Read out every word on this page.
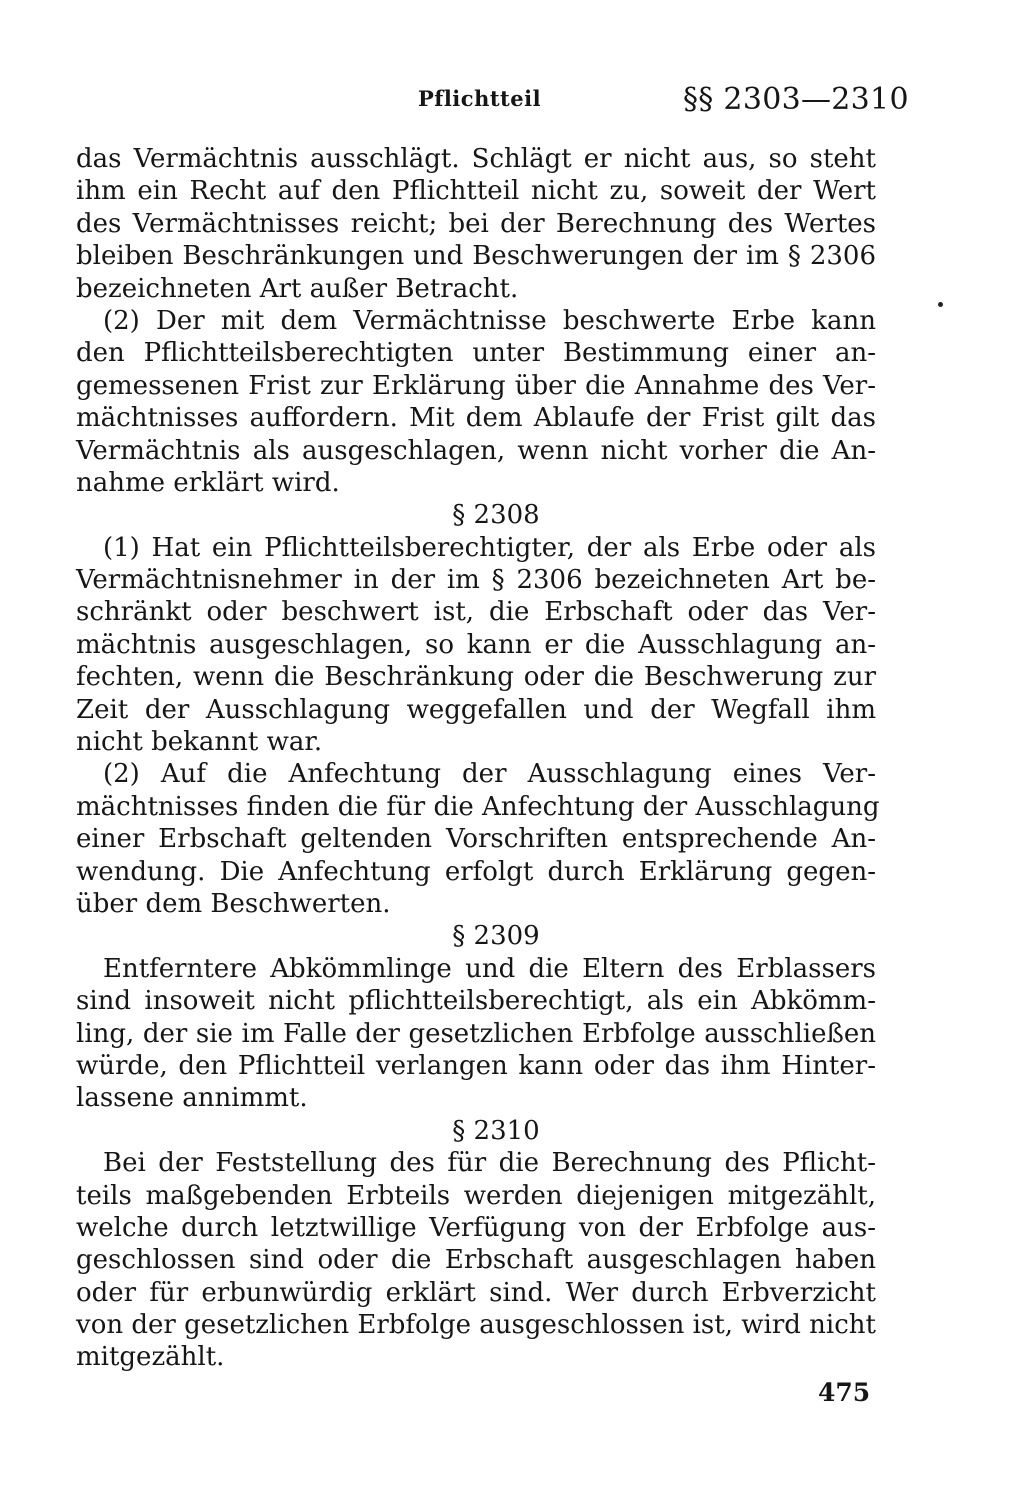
Pflichtteil	§§ 2303—2310
das Vermächtnis ausschlägt. Schlägt er nicht aus, so steht
ihm ein Recht auf den Pflichtteil nicht zu, soweit der Wert
des Vermächtnisses reicht; bei der Berechnung des Wertes
bleiben Beschränkungen und Beschwerungen der im § 2306
bezeichneten Art außer Betracht.
(2) Der mit dem Vermächtnisse beschwerte Erbe kann
den Pflichtteilsberechtigten unter Bestimmung einer an-
gemessenen Frist zur Erklärung über die Annahme des Ver-
mächtnisses auffordern. Mit dem Ablaufe der Frist gilt das
Vermächtnis als ausgeschlagen, wenn nicht vorher die An-
nahme erklärt wird.
§ 2308
(1) Hat ein Pflichtteilsberechtigter, der als Erbe oder als
Vermächtnisnehmer in der im § 2306 bezeichneten Art be-
schränkt oder beschwert ist, die Erbschaft oder das Ver-
mächtnis ausgeschlagen, so kann er die Ausschlagung an-
fechten, wenn die Beschränkung oder die Beschwerung zur
Zeit der Ausschlagung weggefallen und der Wegfall ihm
nicht bekannt war.
(2) Auf die Anfechtung der Ausschlagung eines Ver-
mächtnisses finden die für die Anfechtung der Ausschlagung
einer Erbschaft geltenden Vorschriften entsprechende An-
wendung. Die Anfechtung erfolgt durch Erklärung gegen-
über dem Beschwerten.
§ 2309
Entferntere Abkömmlinge und die Eltern des Erblassers
sind insoweit nicht pflichtteilsberechtigt, als ein Abkömm-
ling, der sie im Falle der gesetzlichen Erbfolge ausschließen
würde, den Pflichtteil verlangen kann oder das ihm Hinter-
lassene annimmt.
§ 2310
Bei der Feststellung des für die Berechnung des Pflicht-
teils maßgebenden Erbteils werden diejenigen mitgezählt,
welche durch letztwillige Verfügung von der Erbfolge aus-
geschlossen sind oder die Erbschaft ausgeschlagen haben
oder für erbunwürdig erklärt sind. Wer durch Erbverzicht
von der gesetzlichen Erbfolge ausgeschlossen ist, wird nicht
mitgezählt.
475
